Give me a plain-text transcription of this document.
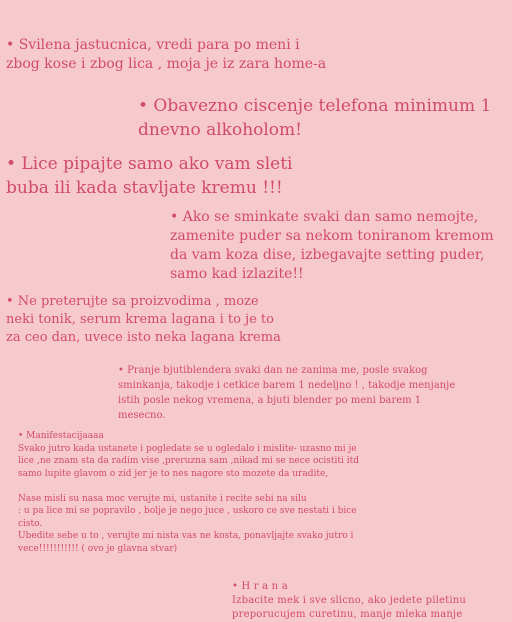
• Svilena jastucnica, vredi para po meni i
zbog kose i zbog lica , moja je iz zara home-a

• Obavezno ciscenje telefona minimum 1
dnevno alkoholom!

• Lice pipajte samo ako vam sleti
buba ili kada stavljate kremu !!!

• Ako se sminkate svaki dan samo nemojte,
zamenite puder sa nekom toniranom kremom
da vam koza dise, izbegavajte setting puder,
samo kad izlazite!!

• Ne preterujte sa proizvodima , moze
neki tonik, serum krema lagana i to je to
za ceo dan, uvece isto neka lagana krema

• Pranje bjutiblendera svaki dan ne zanima me, posle svakog
sminkanja, takodje i cetkice barem 1 nedeljno ! , takodje menjanje
istih posle nekog vremena, a bjuti blender po meni barem 1
mesecno.

• Manifestacijaaaa
Svako jutro kada ustanete i pogledate se u ogledalo i mislite- uzasno mi je
lice ,ne znam sta da radim vise ,preruzna sam ,nikad mi se nece ocistiti itd
samo lupite glavom o zid jer je to nes nagore sto mozete da uradite,

Nase misli su nasa moc verujte mi, ustanite i recite sebi na silu
: u pa lice mi se popravilo , bolje je nego juce , uskoro ce sve nestati i bice
cisto.
Ubedite sebe u to , verujte mi nista vas ne kosta, ponavljajte svako jutro i
vece!!!!!!!!!!! ( ovo je glavna stvar)

• H r a n a
Izbacite mek i sve slicno, ako jedete piletinu
preporucujem curetinu, manje mleka manje
